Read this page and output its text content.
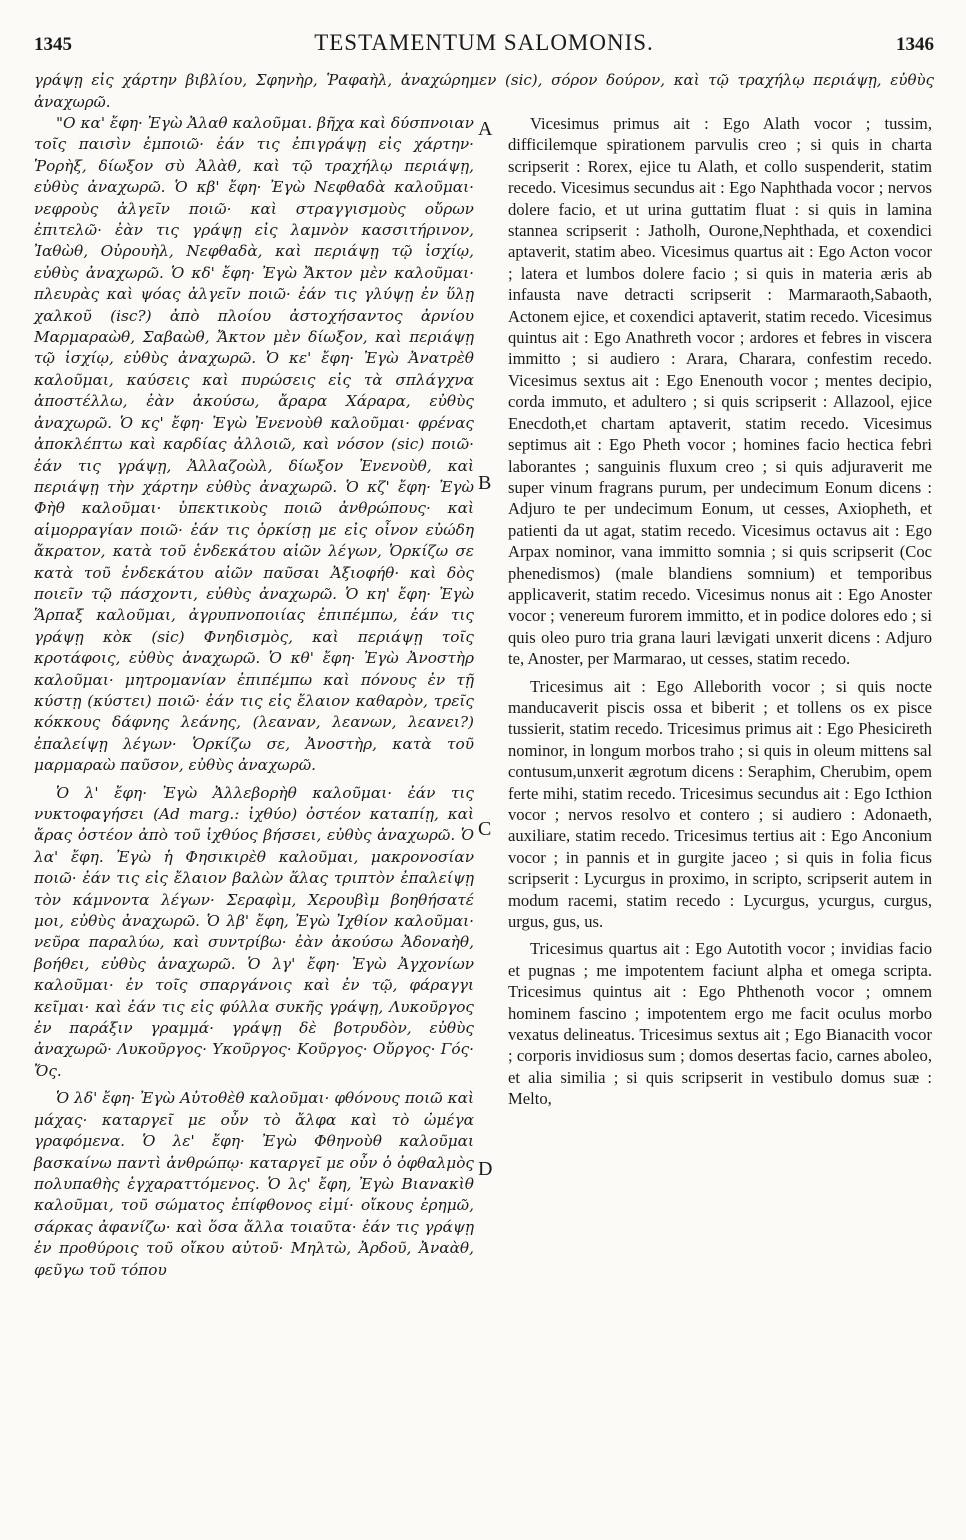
1345	TESTAMENTUM SALOMONIS.	1346
γράψῃ εἰς χάρτην βιβλίου, Σφηνὴρ, Ῥαφαὴλ, ἀναχώρημεν (sic), σόρον δούρον, καὶ τῷ τραχήλῳ περιάψῃ, εὐθὺς ἀναχωρῶ.

"Ο κα' ἔφη· Ἐγὼ Ἀλαθ καλοῦμαι. βῆχα καὶ δύσπνοιαν τοῖς παισὶν ἐμποιῶ· ἐάν τις ἐπιγράψῃ εἰς χάρτην· Ῥορὴξ, δίωξον σὺ Ἀλὰθ, καὶ τῷ τραχήλῳ περιάψῃ, εὐθὺς ἀναχωρῶ. Ὁ κβ' ἔφη· Ἐγὼ Νεφθαδὰ καλοῦμαι· νεφροὺς ἀλγεῖν ποιῶ· καὶ στραγγισμοὺς οὔρων ἐπιτελῶ· ἐὰν τις γράψῃ εἰς λαμνὸν κασσιτήρινον, Ἰαθὼθ, Οὐρουὴλ, Νεφθαδὰ, καὶ περιάψῃ τῷ ἰσχίῳ, εὐθὺς ἀναχωρῶ. Ὁ κδ' ἔφη· Ἐγὼ Ἄκτον μὲν καλοῦμαι· πλευρὰς καὶ ψόας ἀλγεῖν ποιῶ· ἐάν τις γλύψῃ ἐν ὕλῃ χαλκοῦ (isc?) ἀπὸ πλοίου ἀστοχήσαντος ἀρνίου Μαρμαραὼθ, Σαβαὼθ, Ἄκτον μὲν δίωξον, καὶ περιάψῃ τῷ ἰσχίῳ, εὐθὺς ἀναχωρῶ. Ὁ κε' ἔφη· Ἐγὼ Ἀνατρὲθ καλοῦμαι, καύσεις καὶ πυρώσεις εἰς τὰ σπλάγχνα ἀποστέλλω, ἐὰν ἀκούσω, ἄραρα Χάραρα, εὐθὺς ἀναχωρῶ. Ὁ κς' ἔφη· Ἐγὼ Ἐνενοὺθ καλοῦμαι· φρένας ἀποκλέπτω καὶ καρδίας ἀλλοιῶ, καὶ νόσον (sic) ποιῶ· ἐάν τις γράψῃ, Ἀλλαζοὼλ, δίωξον Ἐνενοὺθ, καὶ περιάψῃ τὴν χάρτην εὐθὺς ἀναχωρῶ. Ὁ κζ' ἔφη· Ἐγὼ Φὴθ καλοῦμαι· ὑπεκτικοὺς ποιῶ ἀνθρώπους· καὶ αἱμορραγίαν ποιῶ· ἐάν τις ὁρκίσῃ με εἰς οἶνον εὐώδη ἄκρατον, κατὰ τοῦ ἑνδεκάτου αἰῶν λέγων, Ὁρκίζω σε κατὰ τοῦ ἑνδεκάτου αἰῶν παῦσαι Ἀξιοφήθ· καὶ δὸς ποιεῖν τῷ πάσχοντι, εὐθὺς ἀναχωρῶ. Ὁ κη' ἔφη· Ἐγὼ Ἅρπαξ καλοῦμαι, ἀγρυπνοποιίας ἐπιπέμπω, ἐάν τις γράψῃ κὸκ (sic) Φνηδισμὸς, καὶ περιάψῃ τοῖς κροτάφοις, εὐθὺς ἀναχωρῶ. Ὁ κθ' ἔφη· Ἐγὼ Ἀνοστὴρ καλοῦμαι· μητρομανίαν ἐπιπέμπω καὶ πόνους ἐν τῇ κύστῃ (κύστει) ποιῶ· ἐάν τις εἰς ἔλαιον καθαρὸν, τρεῖς κόκκους δάφνης λεάνης, (λεαναν, λεανων, λεανει?) ἐπαλείψῃ λέγων· Ὁρκίζω σε, Ἀνοστὴρ, κατὰ τοῦ μαρμαραὼ παῦσον, εὐθὺς ἀναχωρῶ.

Ὁ λ' ἔφη· Ἐγὼ Ἀλλεβορὴθ καλοῦμαι· ἐάν τις νυκτοφαγήσει (Ad marg.: ἰχθύο) ὀστέον καταπίῃ, καὶ ἄρας ὀστέον ἀπὸ τοῦ ἰχθύος βήσσει, εὐθὺς ἀναχωρῶ. Ὁ λα' ἔφη. Ἐγὼ ἡ Φησικιρὲθ καλοῦμαι, μακρονοσίαν ποιῶ· ἐάν τις εἰς ἔλαιον βαλὼν ἅλας τριπτὸν ἐπαλείψῃ τὸν κάμνοντα λέγων· Σεραφὶμ, Χερουβὶμ βοηθήσατέ μοι, εὐθὺς ἀναχωρῶ. Ὁ λβ' ἔφη, Ἐγὼ Ἰχθίον καλοῦμαι· νεῦρα παραλύω, καὶ συντρίβω· ἐὰν ἀκούσω Ἀδοναὴθ, βοήθει, εὐθὺς ἀναχωρῶ. Ὁ λγ' ἔφη· Ἐγὼ Ἀγχονίων καλοῦμαι· ἐν τοῖς σπαργάνοις καὶ ἐν τῷ, φάραγγι κεῖμαι· καὶ ἐάν τις εἰς φύλλα συκῆς γράψῃ, Λυκοῦργος ἐν παράξιν γραμμά· γράψῃ δὲ βοτρυδὸν, εὐθὺς ἀναχωρῶ· Λυκοῦργος· Υκοῦργος· Κοῦργος· Οὔργος· Γός· Ὄς.

Ὁ λδ' ἔφη· Ἐγὼ Αὐτοθὲθ καλοῦμαι· φθόνους ποιῶ καὶ μάχας· καταργεῖ με οὖν τὸ ἄλφα καὶ τὸ ὠμέγα γραφόμενα. Ὁ λε' ἔφη· Ἐγὼ Φθηνοὺθ καλοῦμαι βασκαίνω παντὶ ἀνθρώπῳ· καταργεῖ με οὖν ὁ ὀφθαλμὸς πολυπαθὴς ἐγχαραττόμενος. Ὁ λς' ἔφη, Ἐγὼ Βιανακὶθ καλοῦμαι, τοῦ σώματος ἐπίφθονος εἰμί· οἴκους ἐρημῶ, σάρκας ἀφανίζω· καὶ ὅσα ἄλλα τοιαῦτα· ἐάν τις γράψῃ ἐν προθύροις τοῦ οἴκου αὐτοῦ· Μηλτὼ, Ἀρδοῦ, Ἀναὰθ, φεῦγω τοῦ τόπου

Vicesimus primus ait : Ego Alath vocor ; tussim, difficilemque spirationem parvulis creo ; si quis in charta scripserit : Rorex, ejice tu Alath, et collo suspenderit, statim recedo. Vicesimus secundus ait : Ego Naphthada vocor ; nervos dolere facio, et ut urina guttatim fluat : si quis in lamina stannea scripserit : Jatholh, Ourone,Nephthada, et coxendici aptaverit, statim abeo. Vicesimus quartus ait : Ego Acton vocor ; latera et lumbos dolere facio ; si quis in materia æris ab infausta nave detracti scripserit : Marmaraoth,Sabaoth, Actonem ejice, et coxendici aptaverit, statim recedo. Vicesimus quintus ait : Ego Anathreth vocor ; ardores et febres in viscera immitto ; si audiero : Arara, Charara, confestim recedo. Vicesimus sextus ait : Ego Enenouth vocor ; mentes decipio, corda immuto, et adultero ; si quis scripserit : Allazool, ejice Enecdoth,et chartam aptaverit, statim recedo. Vicesimus septimus ait : Ego Pheth vocor ; homines facio hectica febri laborantes ; sanguinis fluxum creo ; si quis adjuraverit me super vinum fragrans purum, per undecimum Eonum dicens : Adjuro te per undecimum Eonum, ut cesses, Axiopheth, et patienti da ut agat, statim recedo. Vicesimus octavus ait : Ego Arpax nominor, vana immitto somnia ; si quis scripserit (Coc phenedismos) (male blandiens somnium) et temporibus applicaverit, statim recedo. Vicesimus nonus ait : Ego Anoster vocor ; venereum furorem immitto, et in podice dolores edo ; si quis oleo puro tria grana lauri lævigati unxerit dicens : Adjuro te, Anoster, per Marmarao, ut cesses, statim recedo.

Tricesimus ait : Ego Alleborith vocor ; si quis nocte manducaverit piscis ossa et biberit ; et tollens os ex pisce tussierit, statim recedo. Tricesimus primus ait : Ego Phesicireth nominor, in longum morbos traho ; si quis in oleum mittens sal contusum,unxerit ægrotum dicens : Seraphim, Cherubim, opem ferte mihi, statim recedo. Tricesimus secundus ait : Ego Icthion vocor ; nervos resolvo et contero ; si audiero : Adonaeth, auxiliare, statim recedo. Tricesimus tertius ait : Ego Anconium vocor ; in pannis et in gurgite jaceo ; si quis in folia ficus scripserit : Lycurgus in proximo, in scripto, scripserit autem in modum racemi, statim recedo : Lycurgus, ycurgus, curgus, urgus, gus, us.

Tricesimus quartus ait : Ego Autotith vocor ; invidias facio et pugnas ; me impotentem faciunt alpha et omega scripta. Tricesimus quintus ait : Ego Phthenoth vocor ; omnem hominem fascino ; impotentem ergo me facit oculus morbo vexatus delineatus. Tricesimus sextus ait ; Ego Bianacith vocor ; corporis invidiosus sum ; domos desertas facio, carnes aboleo, et alia similia ; si quis scripserit in vestibulo domus suæ : Melto,

A
B
C
D
